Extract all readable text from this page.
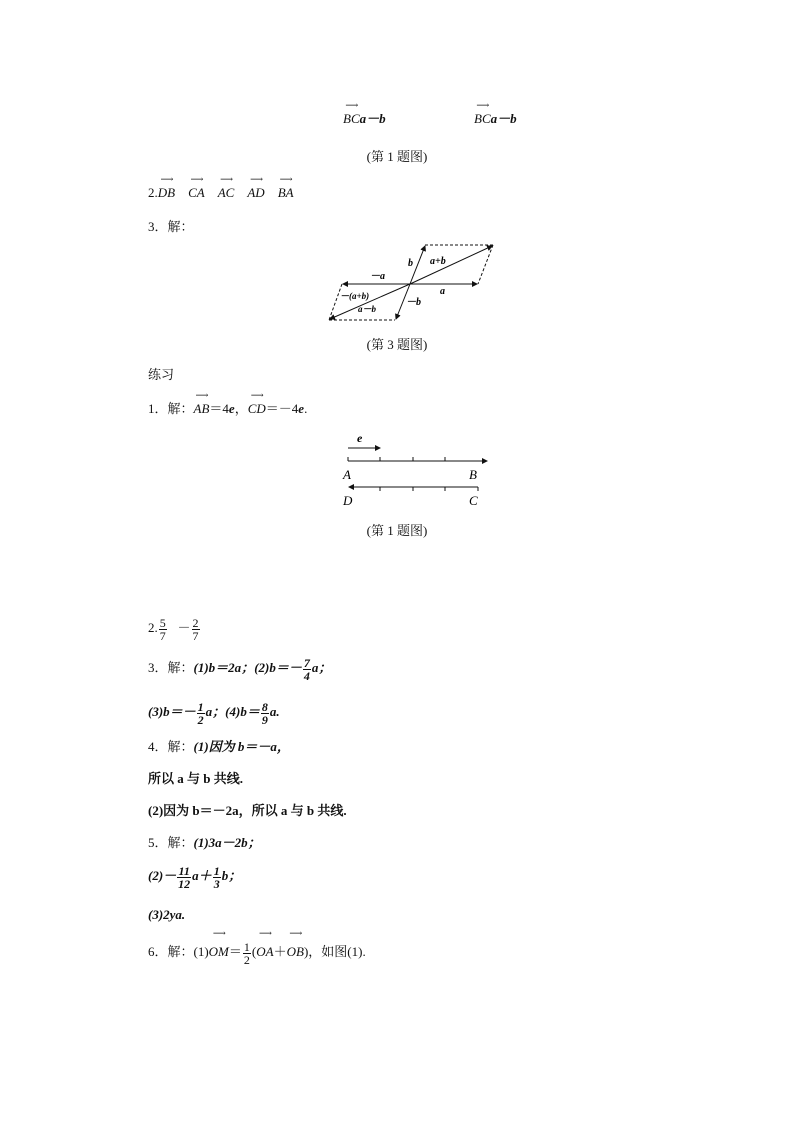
⟶
BCa－b
⟶
BCa－b
(第 1 题图)
2.
⟶
DB
⟶
CA
⟶
AC
⟶
AD
⟶
BA
3．解：
－a
b a+b
a
－(a+b)
a－b
－b
(第 3 题图)
练习
1．解：
⟶
AB＝4e，
⟶
CD＝－4e.
e
A	B
D	C
(第 1 题图)
2. $\frac{5}{7} - \frac{2}{7}$
3．解：(1)b＝2a；$(2)b=- \frac{7}{4}$ a；
$(3)b=- \frac{1}{2}$ a；$(4)b= \frac{8}{9} a$.
4．解：(1)因为 b＝－a，
所以 a 与 b 共线.
(2)因为 b＝－2a，所以 a 与 b 共线.
5．解：(1)3a－2b；
$(2)- \frac{11}{12} a+ \frac{1}{3}$ b；
(3)2ya.
6．解：(1)
⟶
$OM= \frac{1}{2}$ (
⟶
OA＋
⟶
OB)，如图(1).
